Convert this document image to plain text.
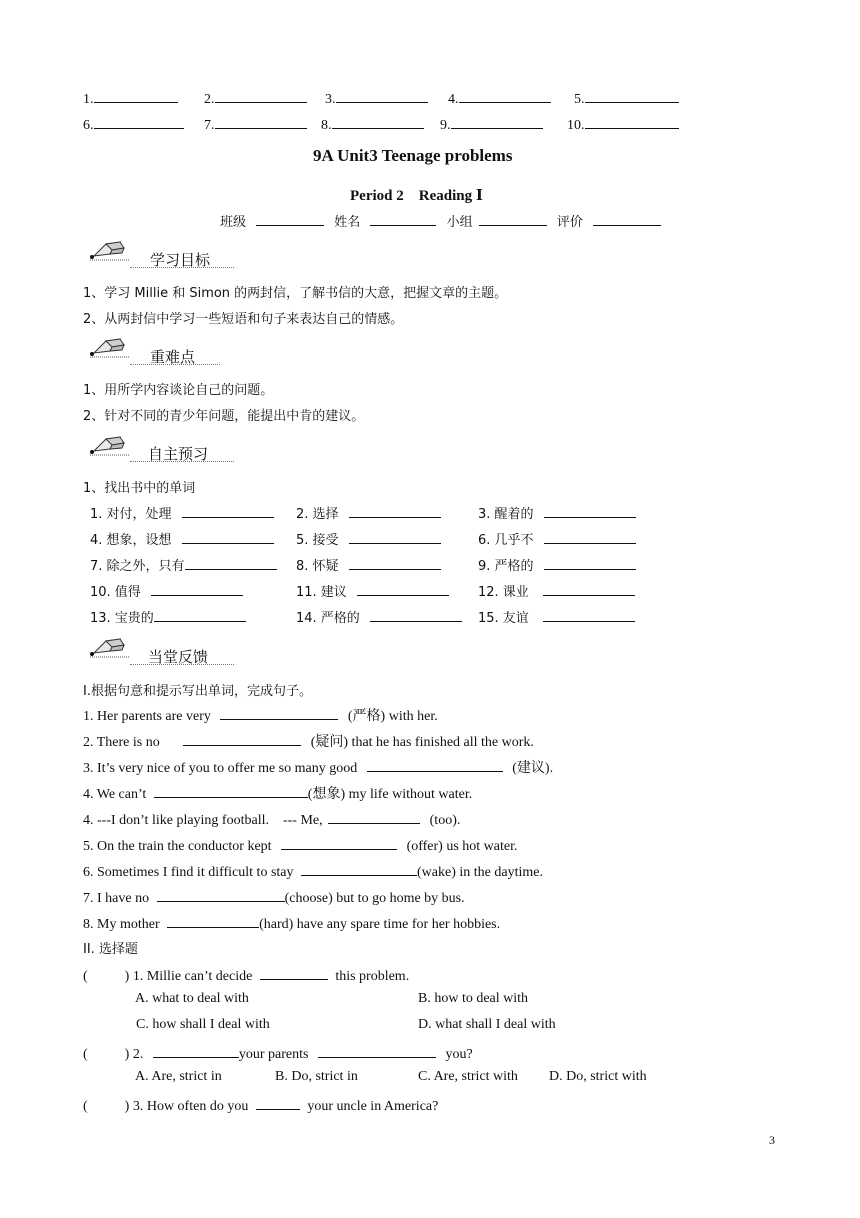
1.	2.	3.	4.	5.
6.	7.	8.	9.	10.
9A Unit3 Teenage problems
Period 2　Reading Ⅰ
班级	姓名	小组	评价
学习目标
1、学习 Millie 和 Simon 的两封信，了解书信的大意，把握文章的主题。
2、从两封信中学习一些短语和句子来表达自己的情感。
重难点
1、用所学内容谈论自己的问题。
2、针对不同的青少年问题，能提出中肯的建议。
自主预习
1、找出书中的单词
1. 对付，处理	2. 选择	3. 醒着的
4. 想象，设想	5. 接受	6. 几乎不
7. 除之外，只有	8. 怀疑	9. 严格的
10. 值得	11. 建议	12. 课业
13. 宝贵的	14. 严格的	15. 友谊
当堂反馈
I.根据句意和提示写出单词，完成句子。
1. Her parents are very	(严格) with her.
2. There is no	(疑问) that he has finished all the work.
3. It’s very nice of you to offer me so many good	(建议).
4. We can’t	(想象) my life without water.
4. ---I don’t like playing football.　--- Me,	(too).
5. On the train the conductor kept	(offer) us hot water.
6. Sometimes I find it difficult to stay	(wake) in the daytime.
7. I have no	(choose) but to go home by bus.
8. My mother	(hard) have any spare time for her hobbies.
II. 选择题
(	) 1. Millie can’t decide	this problem.
A. what to deal with	B. how to deal with
C. how shall I deal with	D. what shall I deal with
(	) 2.	your parents	you?
A. Are, strict in	B. Do, strict in	C. Are, strict with D. Do, strict with
(	) 3. How often do you	your uncle in America?
3
